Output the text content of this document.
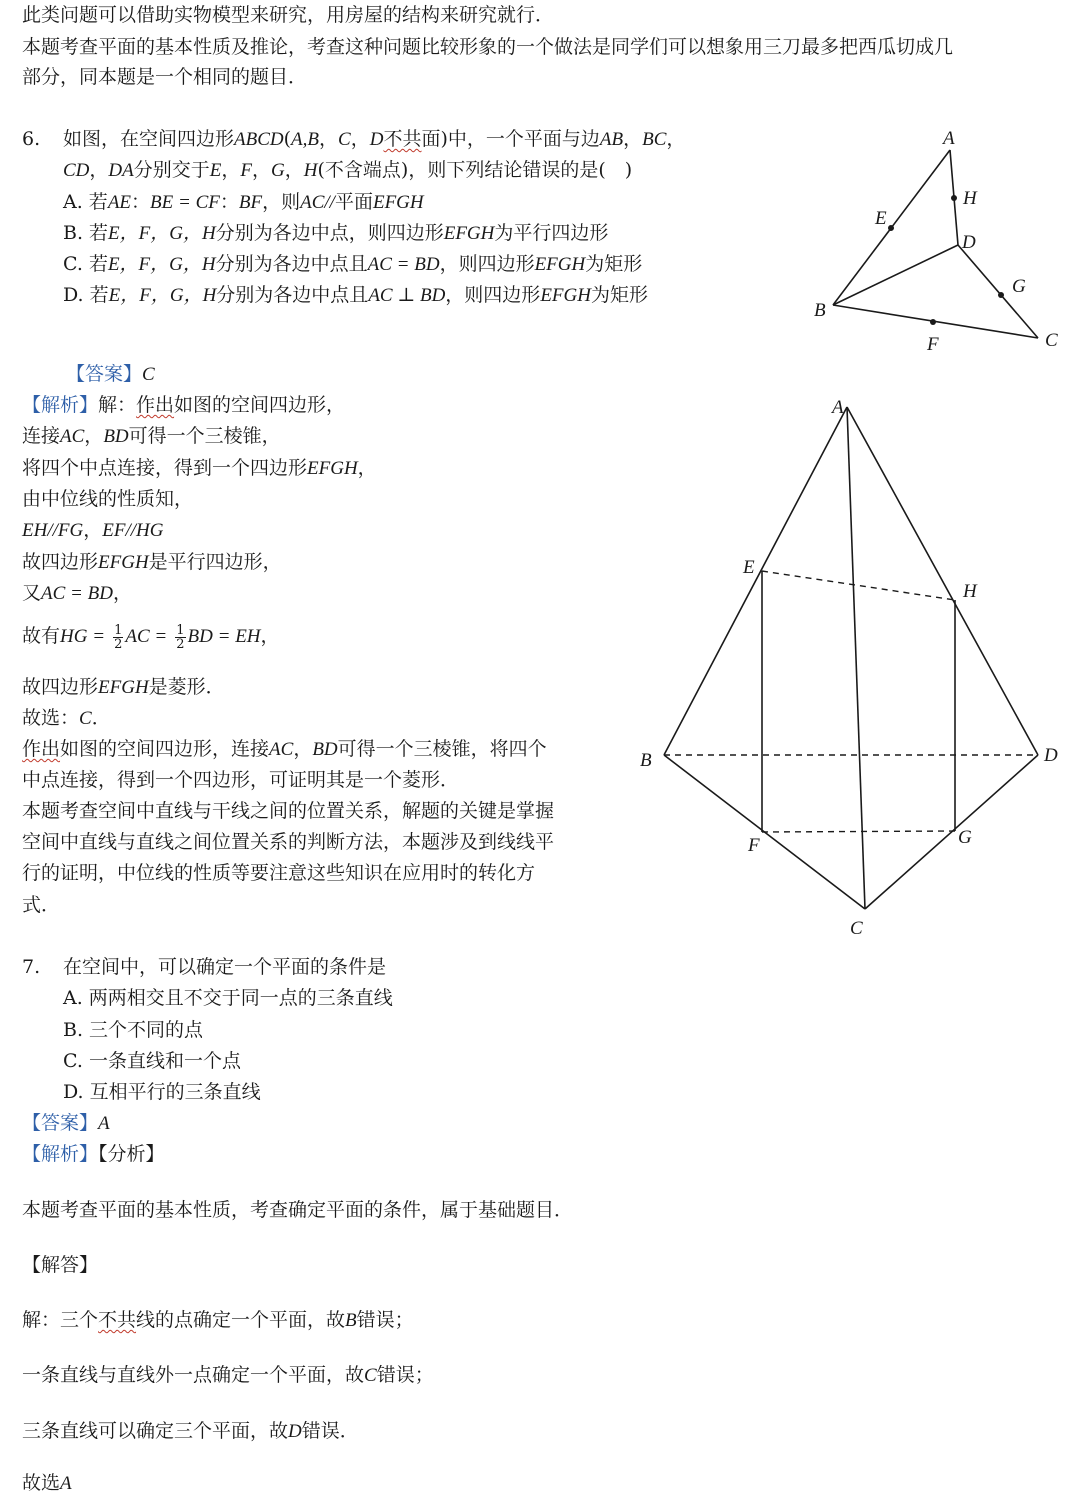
此类问题可以借助实物模型来研究，用房屋的结构来研究就行．
本题考查平面的基本性质及推论，考查这种问题比较形象的一个做法是同学们可以想象用三刀最多把西瓜切成几
部分，同本题是一个相同的题目．
6. 如图，在空间四边形ABCD(A,B，C，D不共面)中，一个平面与边AB，BC，
CD，DA分别交于E，F，G，H(不含端点)，则下列结论错误的是(　)
A. 若AE：BE = CF：BF，则AC//平面EFGH
B. 若E，F，G，H分别为各边中点，则四边形EFGH为平行四边形
C. 若E，F，G，H分别为各边中点且AC = BD，则四边形EFGH为矩形
D. 若E，F，G，H分别为各边中点且AC ⊥ BD，则四边形EFGH为矩形
A
E
H
D
G
B
F	C
【答案】C
【解析】解：作出如图的空间四边形，
连接AC，BD可得一个三棱锥，
将四个中点连接，得到一个四边形EFGH，
由中位线的性质知，
EH//FG，EF//HG
故四边形EFGH是平行四边形，
又AC = BD，
故有HG = $\frac{1}{2}$ AC = $\frac{1}{2}$ BD = EH，
故四边形EFGH是菱形．
故选：C．
作出如图的空间四边形，连接AC，BD可得一个三棱锥，将四个
中点连接，得到一个四边形，可证明其是一个菱形．
本题考查空间中直线与干线之间的位置关系，解题的关键是掌握
空间中直线与直线之间位置关系的判断方法，本题涉及到线线平
行的证明，中位线的性质等要注意这些知识在应用时的转化方
式．
A
E
H
B	D
F	G
C
7. 在空间中，可以确定一个平面的条件是
A. 两两相交且不交于同一点的三条直线
B. 三个不同的点
C. 一条直线和一个点
D. 互相平行的三条直线
【答案】A
【解析】【分析】
本题考查平面的基本性质，考查确定平面的条件，属于基础题目．
【解答】
解：三个不共线的点确定一个平面，故B错误；
一条直线与直线外一点确定一个平面，故C错误；
三条直线可以确定三个平面，故D错误．
故选A
